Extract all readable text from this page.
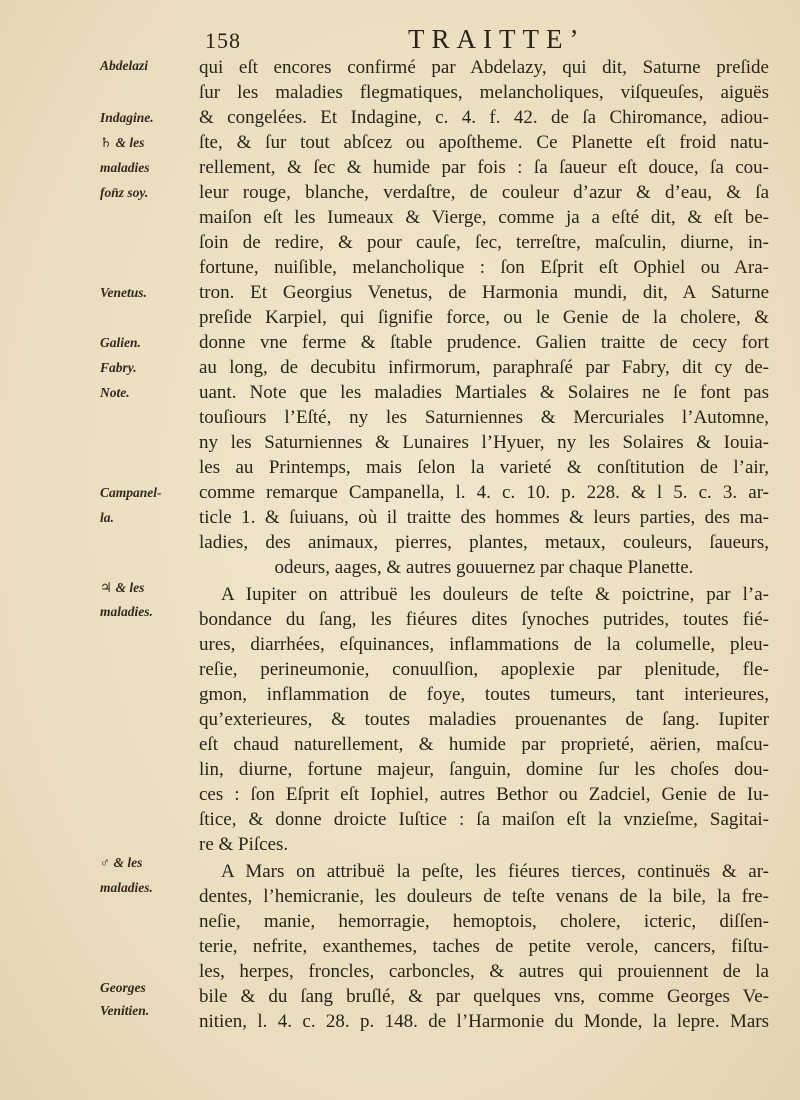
158	TRAITTE’
Abdelazi
Indagine.
♄ & les
maladies
fon̄z soy.
Venetus.
Galien.
Fabry.
Note.
Campanel-
la.
♃ & les
maladies.
♂ & les
maladies.
Georges
Venitien.
qui eſt encores confirmé par Abdelazy, qui dit, Saturne preſide
ſur les maladies flegmatiques, melancholiques, viſqueuſes, aiguës
& congelées. Et Indagine, c. 4. f. 42. de ſa Chiromance, adiou-
ſte, & ſur tout abſcez ou apoſtheme. Ce Planette eſt froid natu-
rellement, & ſec & humide par fois : ſa ſaueur eſt douce, ſa cou-
leur rouge, blanche, verdaſtre, de couleur d’azur & d’eau, & ſa
maiſon eſt les Iumeaux & Vierge, comme ja a eſté dit, & eſt be-
ſoin de redire, & pour cauſe, ſec, terreſtre, maſculin, diurne, in-
fortune, nuiſible, melancholique : ſon Eſprit eſt Ophiel ou Ara-
tron. Et Georgius Venetus, de Harmonia mundi, dit, A Saturne
preſide Karpiel, qui ſignifie force, ou le Genie de la cholere, &
donne vne ferme & ſtable prudence. Galien traitte de cecy fort
au long, de decubitu infirmorum, paraphraſé par Fabry, dit cy de-
uant. Note que les maladies Martiales & Solaires ne ſe font pas
touſiours l’Eſté, ny les Saturniennes & Mercuriales l’Automne,
ny les Saturniennes & Lunaires l’Hyuer, ny les Solaires & Iouia-
les au Printemps, mais ſelon la varieté & conſtitution de l’air,
comme remarque Campanella, l. 4. c. 10. p. 228. & l 5. c. 3. ar-
ticle 1. & ſuiuans, où il traitte des hommes & leurs parties, des ma-
ladies, des animaux, pierres, plantes, metaux, couleurs, ſaueurs,
odeurs, aages, & autres gouuernez par chaque Planette.
A Iupiter on attribuë les douleurs de teſte & poictrine, par l’a-
bondance du ſang, les fiéures dites ſynoches putrides, toutes fié-
ures, diarrhées, eſquinances, inflammations de la columelle, pleu-
reſie, perineumonie, conuulſion, apoplexie par plenitude, fle-
gmon, inflammation de foye, toutes tumeurs, tant interieures,
qu’exterieures, & toutes maladies prouenantes de ſang. Iupiter
eſt chaud naturellement, & humide par proprieté, aërien, maſcu-
lin, diurne, fortune majeur, ſanguin, domine ſur les choſes dou-
ces : ſon Eſprit eſt Iophiel, autres Bethor ou Zadciel, Genie de Iu-
ſtice, & donne droicte Iuſtice : ſa maiſon eſt la vnzieſme, Sagitai-
re & Piſces.
A Mars on attribuë la peſte, les fiéures tierces, continuës & ar-
dentes, l’hemicranie, les douleurs de teſte venans de la bile, la fre-
neſie, manie, hemorragie, hemoptois, cholere, icteric, diſſen-
terie, nefrite, exanthemes, taches de petite verole, cancers, fiſtu-
les, herpes, froncles, carboncles, & autres qui prouiennent de la
bile & du ſang bruſlé, & par quelques vns, comme Georges Ve-
nitien, l. 4. c. 28. p. 148. de l’Harmonie du Monde, la lepre. Mars
